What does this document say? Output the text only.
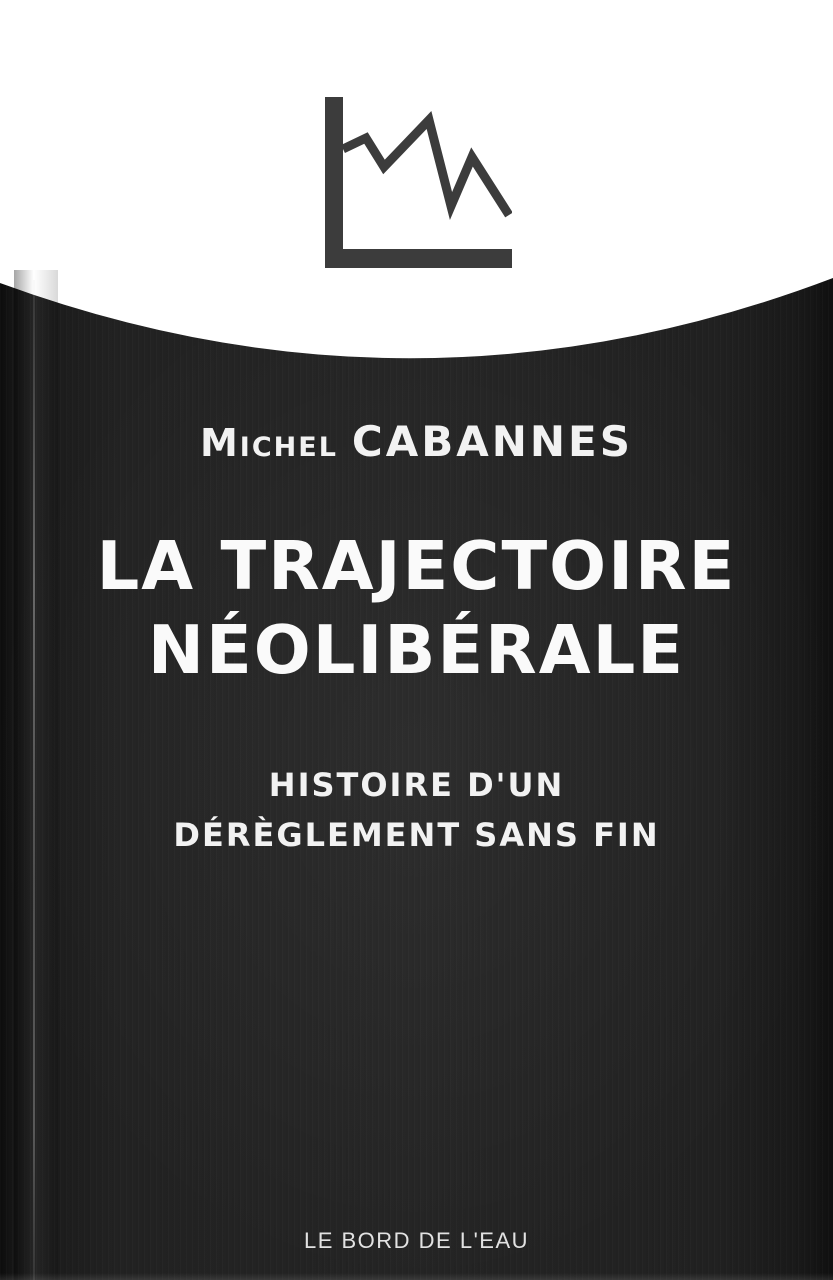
Michel CABANNES
LA TRAJECTOIRE
NÉOLIBÉRALE
HISTOIRE D'UN
DÉRÈGLEMENT SANS FIN
LE BORD DE L'EAU
